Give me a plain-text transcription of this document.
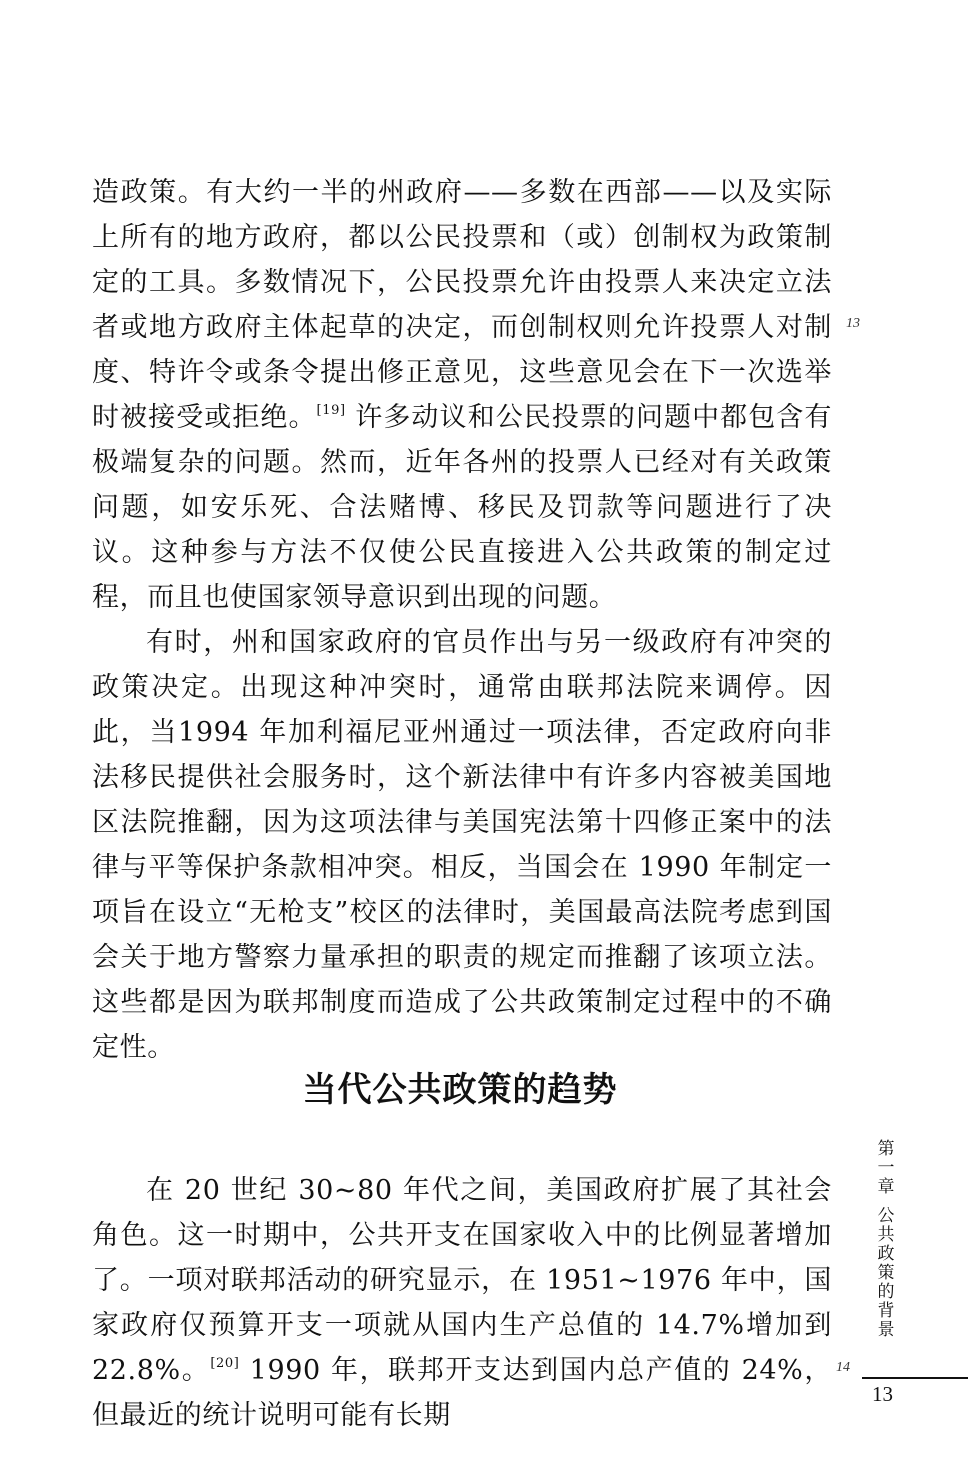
造政策。有大约一半的州政府——多数在西部——以及实际上所有的地方政府，都以公民投票和（或）创制权为政策制定的工具。多数情况下，公民投票允许由投票人来决定立法者或地方政府主体起草的决定，而创制权则允许投票人对制度、特许令或条令提出修正意见，这些意见会在下一次选举时被接受或拒绝。[19] 许多动议和公民投票的问题中都包含有极端复杂的问题。然而，近年各州的投票人已经对有关政策问题，如安乐死、合法赌博、移民及罚款等问题进行了决议。这种参与方法不仅使公民直接进入公共政策的制定过程，而且也使国家领导意识到出现的问题。

有时，州和国家政府的官员作出与另一级政府有冲突的政策决定。出现这种冲突时，通常由联邦法院来调停。因此，当1994 年加利福尼亚州通过一项法律，否定政府向非法移民提供社会服务时，这个新法律中有许多内容被美国地区法院推翻，因为这项法律与美国宪法第十四修正案中的法律与平等保护条款相冲突。相反，当国会在 1990 年制定一项旨在设立“无枪支”校区的法律时，美国最高法院考虑到国会关于地方警察力量承担的职责的规定而推翻了该项立法。这些都是因为联邦制度而造成了公共政策制定过程中的不确定性。

13
当代公共政策的趋势

在 20 世纪 30~80 年代之间，美国政府扩展了其社会角色。这一时期中，公共开支在国家收入中的比例显著增加了。一项对联邦活动的研究显示，在 1951~1976 年中，国家政府仅预算开支一项就从国内生产总值的 14.7%增加到 22.8%。[20] 1990 年，联邦开支达到国内总产值的 24%，但最近的统计说明可能有长期

14
第
一
章
公
共
政
策
的
背
景
13
